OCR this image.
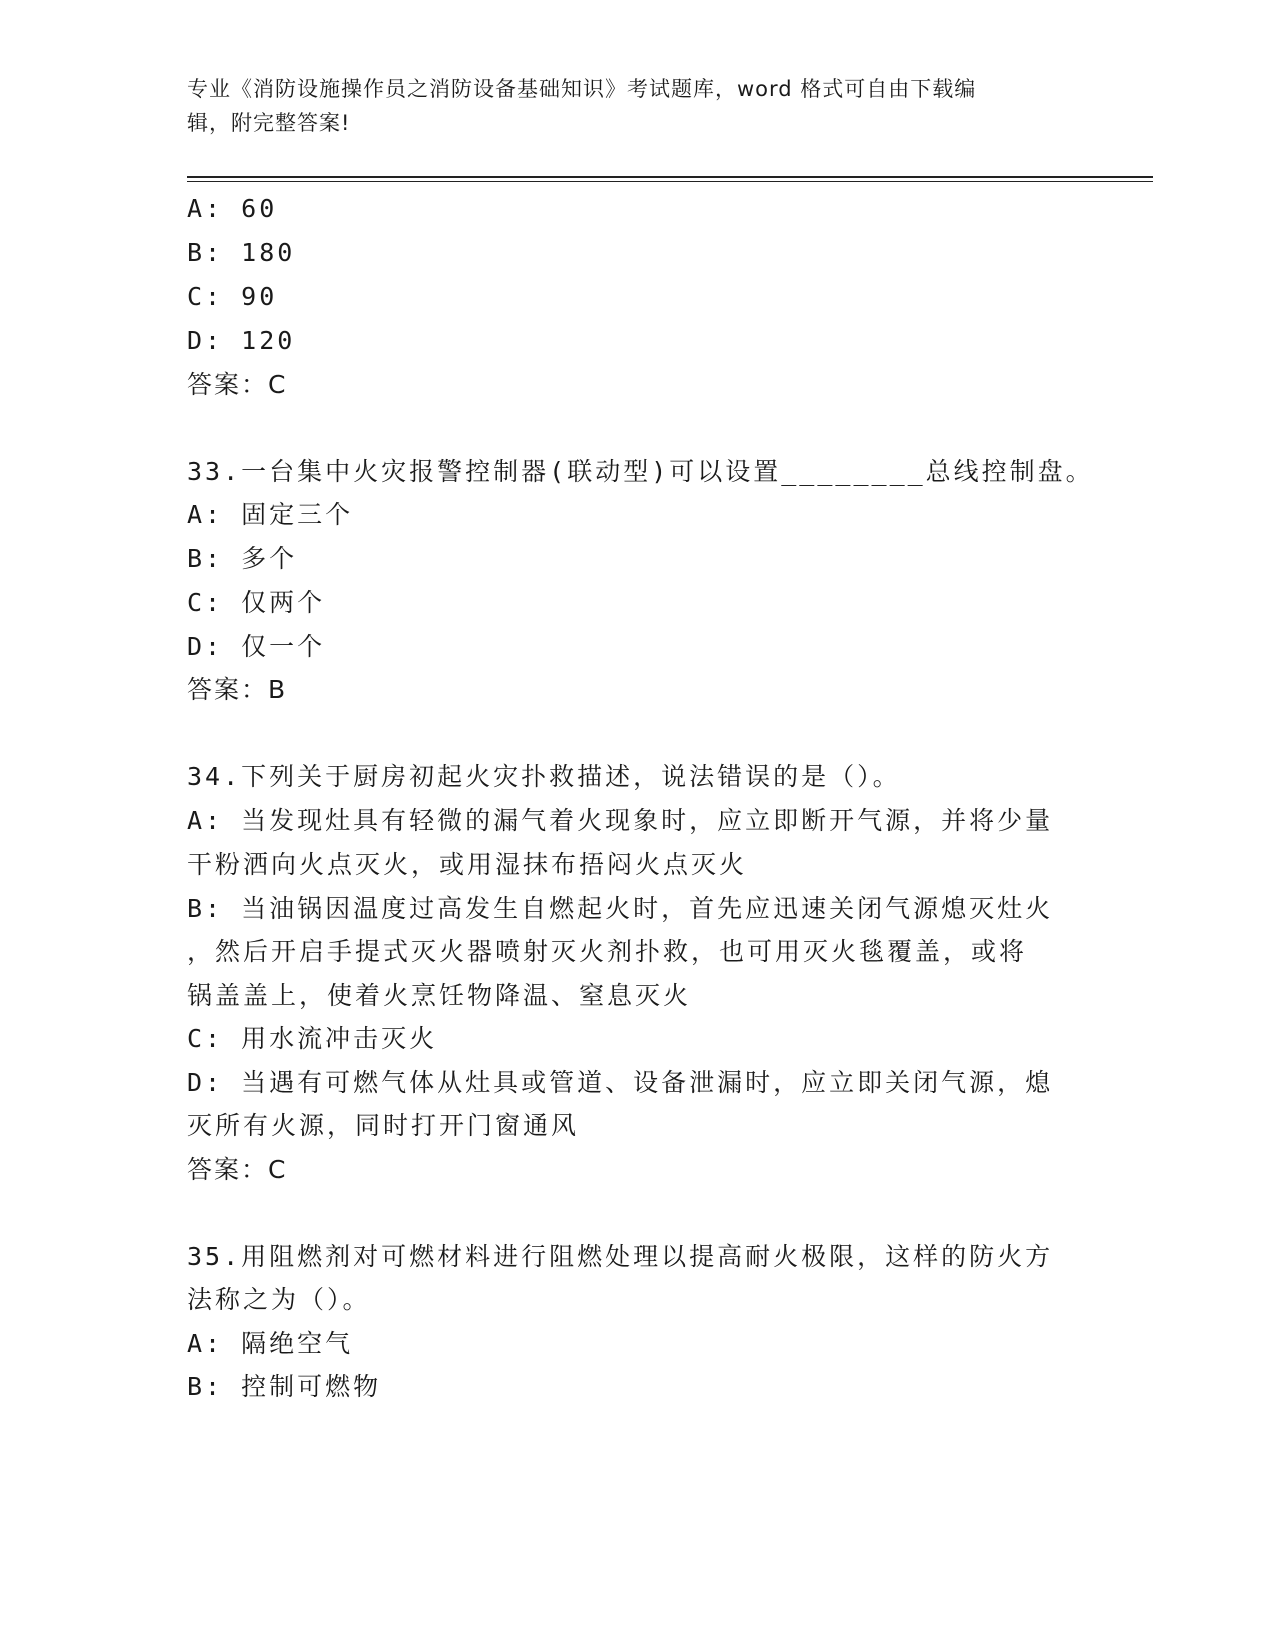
专业《消防设施操作员之消防设备基础知识》考试题库，word 格式可自由下载编
辑，附完整答案!
A: 60
B: 180
C: 90
D: 120
答案：C
33.一台集中火灾报警控制器(联动型)可以设置________总线控制盘。
A: 固定三个
B: 多个
C: 仅两个
D: 仅一个
答案：B
34.下列关于厨房初起火灾扑救描述，说法错误的是（）。
A: 当发现灶具有轻微的漏气着火现象时，应立即断开气源，并将少量
干粉洒向火点灭火，或用湿抹布捂闷火点灭火
B: 当油锅因温度过高发生自燃起火时，首先应迅速关闭气源熄灭灶火
，然后开启手提式灭火器喷射灭火剂扑救，也可用灭火毯覆盖，或将
锅盖盖上，使着火烹饪物降温、窒息灭火
C: 用水流冲击灭火
D: 当遇有可燃气体从灶具或管道、设备泄漏时，应立即关闭气源，熄
灭所有火源，同时打开门窗通风
答案：C
35.用阻燃剂对可燃材料进行阻燃处理以提高耐火极限，这样的防火方
法称之为（）。
A: 隔绝空气
B: 控制可燃物
